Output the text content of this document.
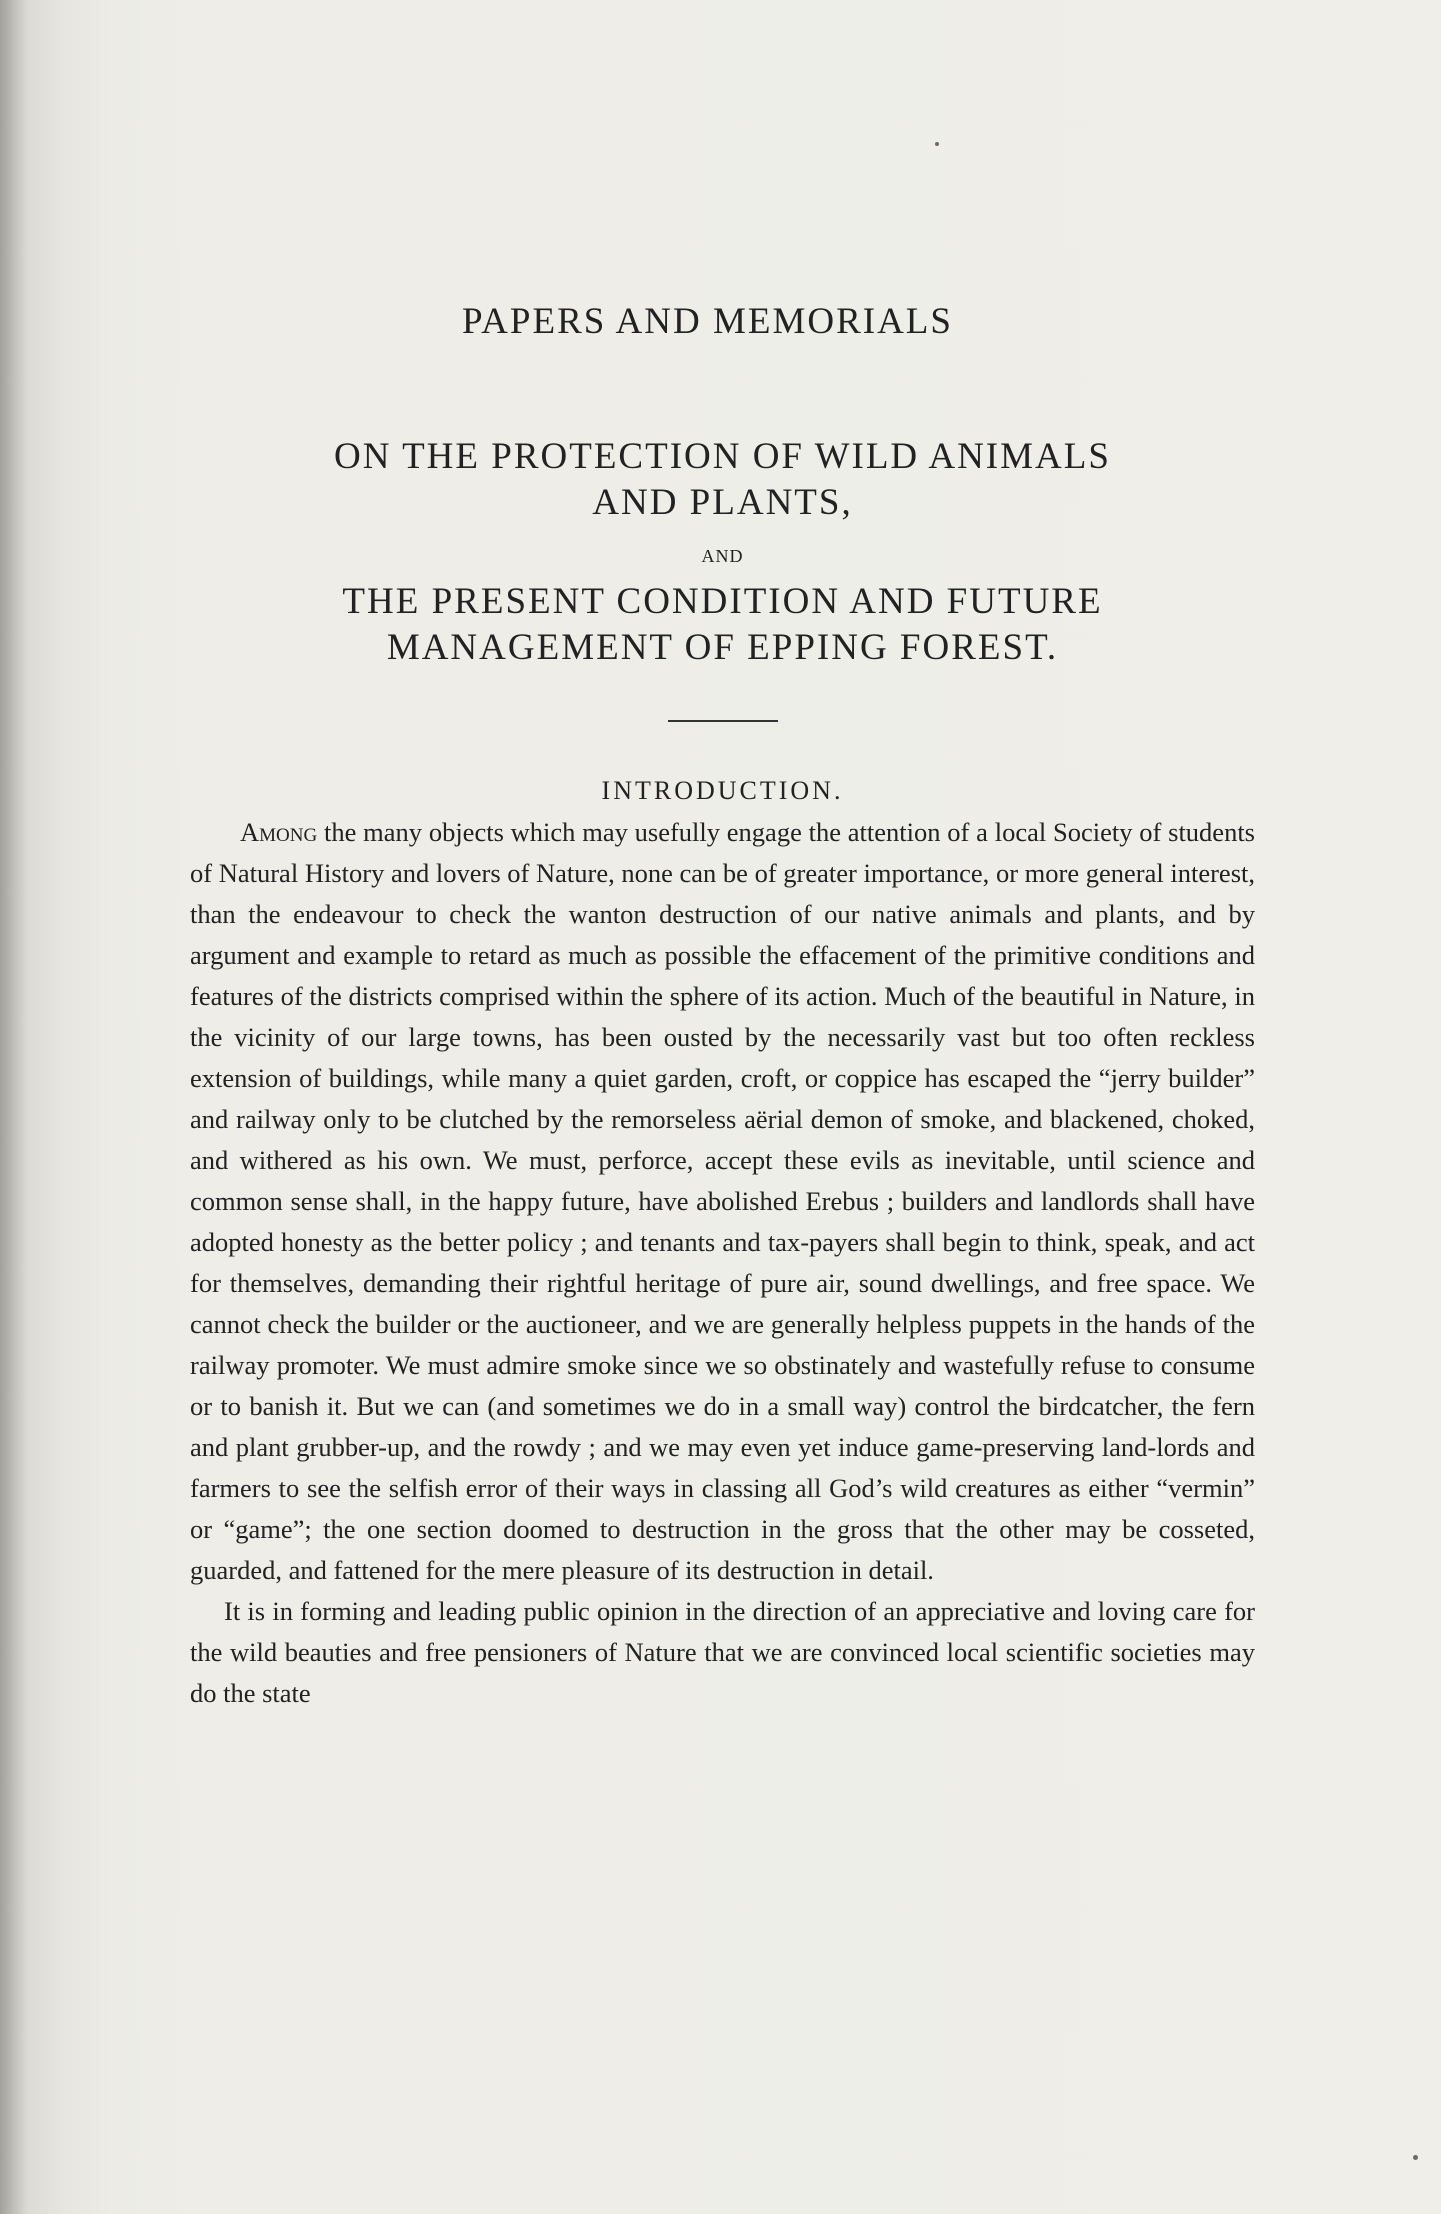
PAPERS AND MEMORIALS
ON THE PROTECTION OF WILD ANIMALS
AND PLANTS,
AND
THE PRESENT CONDITION AND FUTURE
MANAGEMENT OF EPPING FOREST.
INTRODUCTION.

Among the many objects which may usefully engage the attention of a local Society of students of Natural History and lovers of Nature, none can be of greater importance, or more general interest, than the endeavour to check the wanton destruction of our native animals and plants, and by argument and example to retard as much as possible the effacement of the primitive conditions and features of the districts comprised within the sphere of its action. Much of the beautiful in Nature, in the vicinity of our large towns, has been ousted by the necessarily vast but too often reckless extension of buildings, while many a quiet garden, croft, or coppice has escaped the “jerry builder” and railway only to be clutched by the remorseless aërial demon of smoke, and blackened, choked, and withered as his own. We must, perforce, accept these evils as inevitable, until science and common sense shall, in the happy future, have abolished Erebus ; builders and landlords shall have adopted honesty as the better policy ; and tenants and tax-payers shall begin to think, speak, and act for themselves, demanding their rightful heritage of pure air, sound dwellings, and free space. We cannot check the builder or the auctioneer, and we are generally helpless puppets in the hands of the railway promoter. We must admire smoke since we so obstinately and wastefully refuse to consume or to banish it. But we can (and sometimes we do in a small way) control the birdcatcher, the fern and plant grubber-up, and the rowdy ; and we may even yet induce game-preserving land-lords and farmers to see the selfish error of their ways in classing all God’s wild creatures as either “vermin” or “game”; the one section doomed to destruction in the gross that the other may be cosseted, guarded, and fattened for the mere pleasure of its destruction in detail.

It is in forming and leading public opinion in the direction of an appreciative and loving care for the wild beauties and free pensioners of Nature that we are convinced local scientific societies may do the state
